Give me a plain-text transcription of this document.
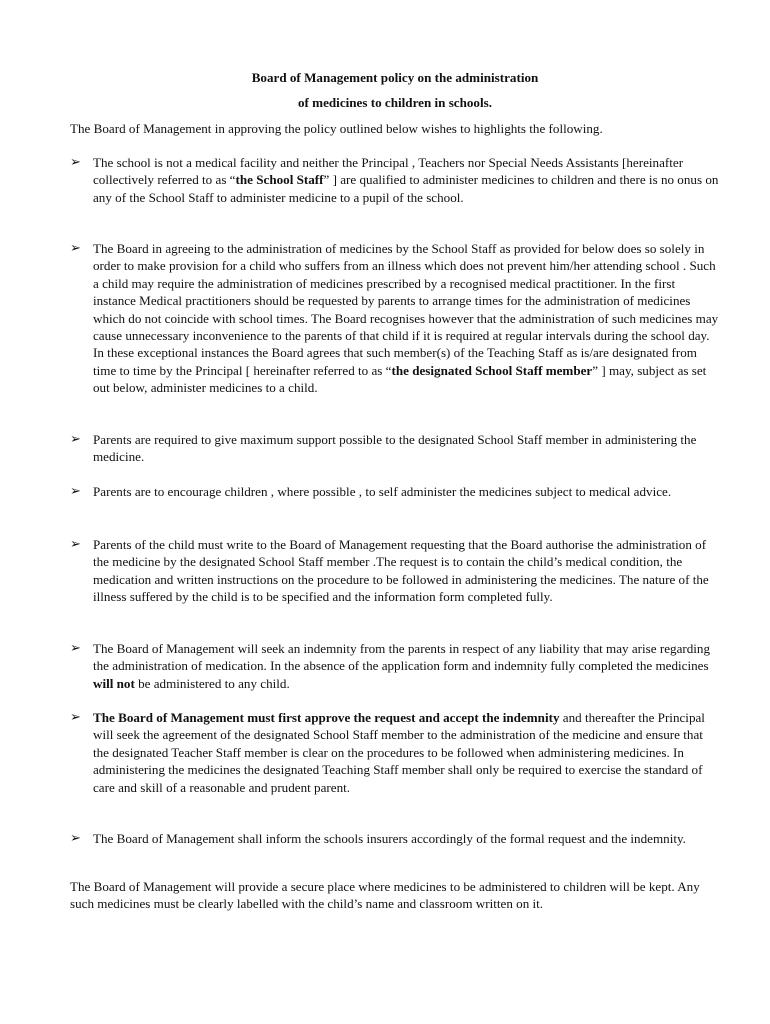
Board of Management policy on the administration
of medicines to children in schools.

The Board of Management in approving the policy outlined below wishes to highlights the following.

➢ The school is not a medical facility and neither the Principal , Teachers nor Special Needs Assistants [hereinafter collectively referred to as “the School Staff” ] are qualified to administer medicines to children and there is no onus on any of the School Staff to administer medicine to a pupil of the school.
➢ The Board in agreeing to the administration of medicines by the School Staff as provided for below does so solely in order to make provision for a child who suffers from an illness which does not prevent him/her attending school . Such a child may require the administration of medicines prescribed by a recognised medical practitioner. In the first instance Medical practitioners should be requested by parents to arrange times for the administration of medicines which do not coincide with school times. The Board recognises however that the administration of such medicines may cause unnecessary inconvenience to the parents of that child if it is required at regular intervals during the school day. In these exceptional instances the Board agrees that such member(s) of the Teaching Staff as is/are designated from time to time by the Principal [ hereinafter referred to as “the designated School Staff member” ] may, subject as set out below, administer medicines to a child.
➢ Parents are required to give maximum support possible to the designated School Staff member in administering the medicine.
➢ Parents are to encourage children , where possible , to self administer the medicines subject to medical advice.
➢ Parents of the child must write to the Board of Management requesting that the Board authorise the administration of the medicine by the designated School Staff member .The request is to contain the child’s medical condition, the medication and written instructions on the procedure to be followed in administering the medicines. The nature of the illness suffered by the child is to be specified and the information form completed fully.
➢ The Board of Management will seek an indemnity from the parents in respect of any liability that may arise regarding the administration of medication. In the absence of the application form and indemnity fully completed the medicines will not be administered to any child.
➢ The Board of Management must first approve the request and accept the indemnity and thereafter the Principal will seek the agreement of the designated School Staff member to the administration of the medicine and ensure that the designated Teacher Staff member is clear on the procedures to be followed when administering medicines. In administering the medicines the designated Teaching Staff member shall only be required to exercise the standard of care and skill of a reasonable and prudent parent.
➢ The Board of Management shall inform the schools insurers accordingly of the formal request and the indemnity.

The Board of Management will provide a secure place where medicines to be administered to children will be kept. Any such medicines must be clearly labelled with the child’s name and classroom written on it.
